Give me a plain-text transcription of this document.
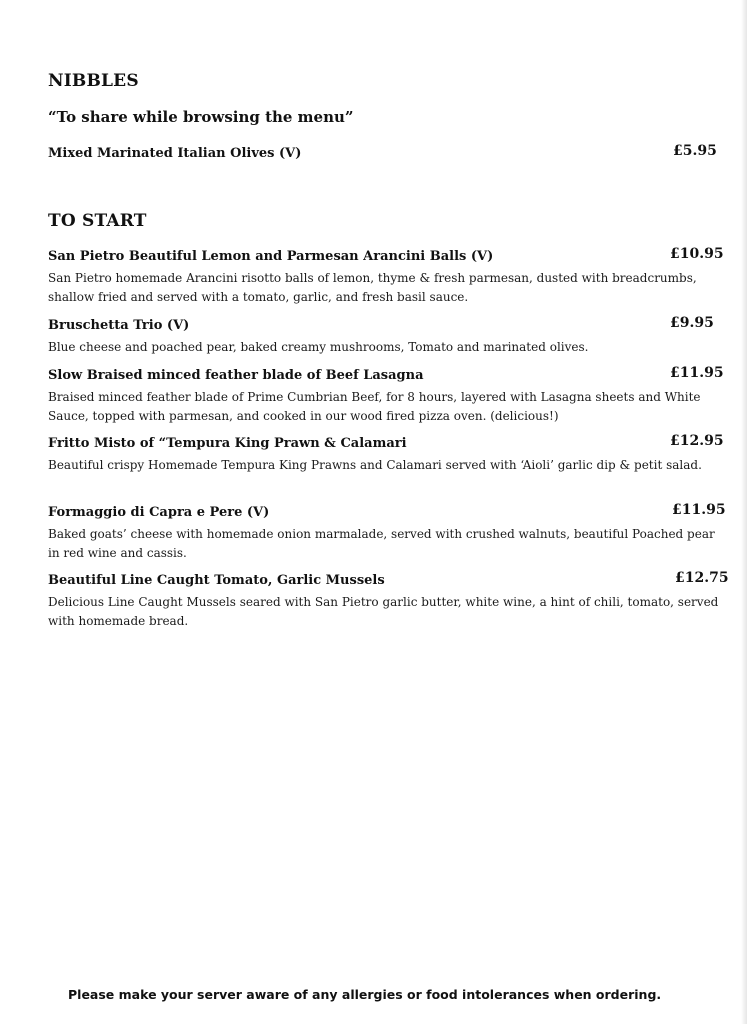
NIBBLES

“To share while browsing the menu”

Mixed Marinated Italian Olives (V)	£5.95
TO START
San Pietro Beautiful Lemon and Parmesan Arancini Balls (V)	£10.95
San Pietro homemade Arancini risotto balls of lemon, thyme & fresh parmesan, dusted with breadcrumbs, shallow fried and served with a tomato, garlic, and fresh basil sauce.
Bruschetta Trio (V)	£9.95
Blue cheese and poached pear, baked creamy mushrooms, Tomato and marinated olives.
Slow Braised minced feather blade of Beef Lasagna	£11.95
Braised minced feather blade of Prime Cumbrian Beef, for 8 hours, layered with Lasagna sheets and White Sauce, topped with parmesan, and cooked in our wood fired pizza oven. (delicious!)
Fritto Misto of “Tempura King Prawn & Calamari	£12.95
Beautiful crispy Homemade Tempura King Prawns and Calamari served with ‘Aioli’ garlic dip & petit salad.
Formaggio di Capra e Pere (V)	£11.95
Baked goats’ cheese with homemade onion marmalade, served with crushed walnuts, beautiful Poached pear in red wine and cassis.
Beautiful Line Caught Tomato, Garlic Mussels	£12.75
Delicious Line Caught Mussels seared with San Pietro garlic butter, white wine, a hint of chili, tomato, served with homemade bread.
Please make your server aware of any allergies or food intolerances when ordering.
